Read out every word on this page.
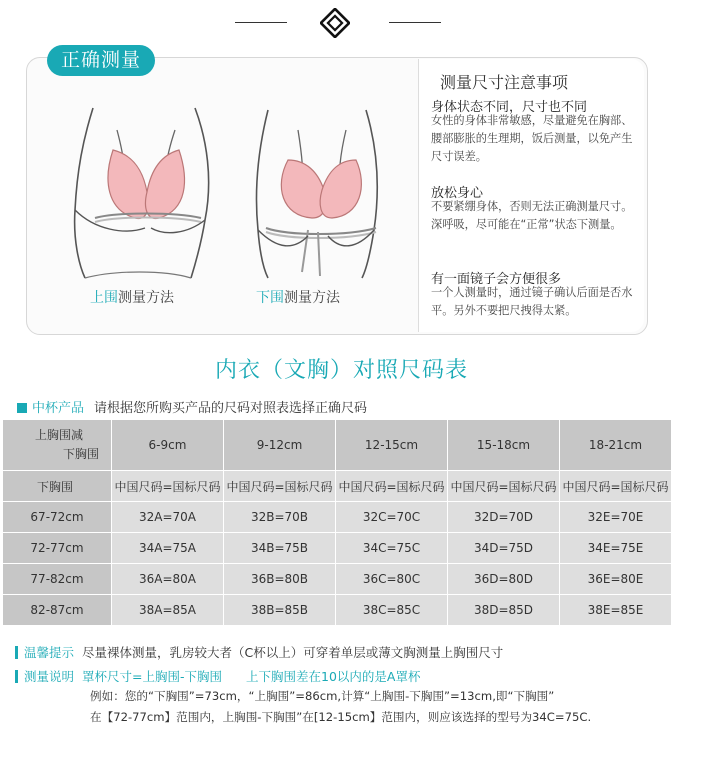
正确测量
上围测量方法	下围测量方法
测量尺寸注意事项
身体状态不同，尺寸也不同
女性的身体非常敏感，尽量避免在胸部、腰部膨胀的生理期，饭后测量，以免产生尺寸误差。
放松身心
不要紧绷身体，否则无法正确测量尺寸。深呼吸，尽可能在“正常”状态下测量。
有一面镜子会方便很多
一个人测量时，通过镜子确认后面是否水平。另外不要把尺拽得太紧。
内衣（文胸）对照尺码表
中杯产品 请根据您所购买产品的尺码对照表选择正确尺码
上胸围减
下胸围	6-9cm	9-12cm	12-15cm	15-18cm	18-21cm
下胸围	中国尺码=国标尺码	中国尺码=国标尺码	中国尺码=国标尺码	中国尺码=国标尺码	中国尺码=国标尺码
67-72cm	32A=70A	32B=70B	32C=70C	32D=70D	32E=70E
72-77cm	34A=75A	34B=75B	34C=75C	34D=75D	34E=75E
77-82cm	36A=80A	36B=80B	36C=80C	36D=80D	36E=80E
82-87cm	38A=85A	38B=85B	38C=85C	38D=85D	38E=85E
温馨提示 尽量裸体测量，乳房较大者（C杯以上）可穿着单层或薄文胸测量上胸围尺寸
测量说明 罩杯尺寸=上胸围-下胸围 上下胸围差在10以内的是A罩杯
例如：您的“下胸围”=73cm，“上胸围”=86cm,计算“上胸围-下胸围”=13cm,即“下胸围”
在【72-77cm】范围内，上胸围-下胸围”在[12-15cm】范围内，则应该选择的型号为34C=75C.
